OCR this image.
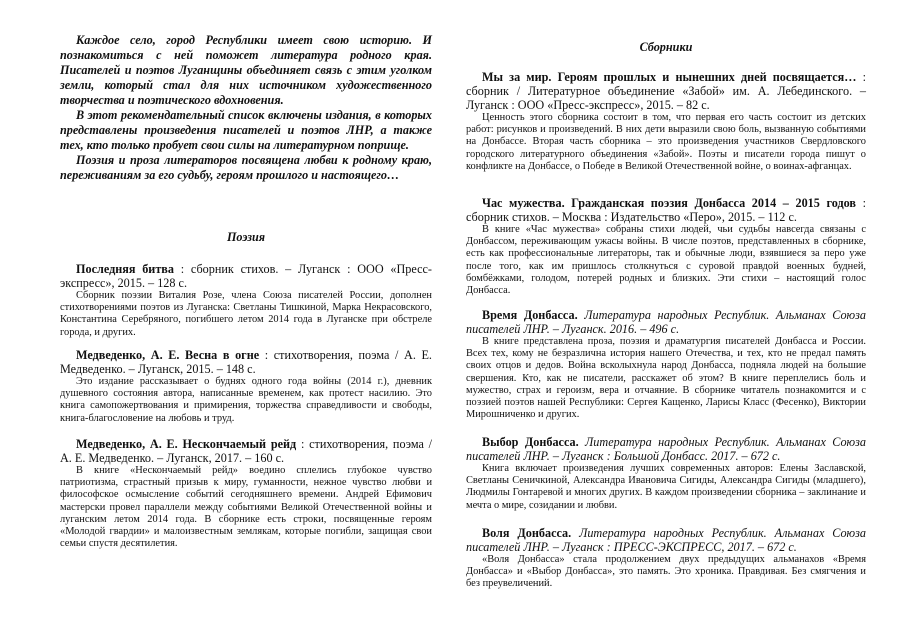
Каждое село, город Республики имеет свою историю. И познакомиться с ней поможет литература родного края. Писателей и поэтов Луганщины объединяет связь с этим уголком земли, который стал для них источником художественного творчества и поэтического вдохновения.

В этот рекомендательный список включены издания, в которых представлены произведения писателей и поэтов ЛНР, а также тех, кто только пробует свои силы на литературном поприще.

Поэзия и проза литераторов посвящена любви к родному краю, переживаниям за его судьбу, героям прошлого и настоящего…

Поэзия

Последняя битва : сборник стихов. – Луганск : ООО «Пресс-экспресс», 2015. – 128 с.

Сборник поэзии Виталия Розе, члена Союза писателей России, дополнен стихотворениями поэтов из Луганска: Светланы Тишкиной, Марка Некрасовского, Константина Серебряного, погибшего летом 2014 года в Луганске при обстреле города, и других.

Медведенко, А. Е. Весна в огне : стихотворения, поэма / А. Е. Медведенко. – Луганск, 2015. – 148 с.

Это издание рассказывает о буднях одного года войны (2014 г.), дневник душевного состояния автора, написанные временем, как протест насилию. Это книга самопожертвования и примирения, торжества справедливости и свободы, книга-благословение на любовь и труд.

Медведенко, А. Е. Нескончаемый рейд : стихотворения, поэма / А. Е. Медведенко. – Луганск, 2017. – 160 с.

В книге «Нескончаемый рейд» воедино сплелись глубокое чувство патриотизма, страстный призыв к миру, гуманности, нежное чувство любви и философское осмысление событий сегодняшнего времени. Андрей Ефимович мастерски провел параллели между событиями Великой Отечественной войны и луганским летом 2014 года. В сборнике есть строки, посвященные героям «Молодой гвардии» и малоизвестным землякам, которые погибли, защищая свои семьи спустя десятилетия.

Сборники

Мы за мир. Героям прошлых и нынешних дней посвящается… : сборник / Литературное объединение «Забой» им. А. Лебединского. – Луганск : ООО «Пресс-экспресс», 2015. – 82 с.

Ценность этого сборника состоит в том, что первая его часть состоит из детских работ: рисунков и произведений. В них дети выразили свою боль, вызванную событиями на Донбассе. Вторая часть сборника – это произведения участников Свердловского городского литературного объединения «Забой». Поэты и писатели города пишут о конфликте на Донбассе, о Победе в Великой Отечественной войне, о воинах-афганцах.

Час мужества. Гражданская поэзия Донбасса 2014 – 2015 годов : сборник стихов. – Москва : Издательство «Перо», 2015. – 112 с.

В книге «Час мужества» собраны стихи людей, чьи судьбы навсегда связаны с Донбассом, переживающим ужасы войны. В числе поэтов, представленных в сборнике, есть как профессиональные литераторы, так и обычные люди, взявшиеся за перо уже после того, как им пришлось столкнуться с суровой правдой военных будней, бомбёжками, голодом, потерей родных и близких. Эти стихи – настоящий голос Донбасса.

Время Донбасса. Литература народных Республик. Альманах Союза писателей ЛНР. – Луганск. 2016. – 496 с.

В книге представлена проза, поэзия и драматургия писателей Донбасса и России. Всех тех, кому не безразлична история нашего Отечества, и тех, кто не предал память своих отцов и дедов. Война всколыхнула народ Донбасса, подняла людей на большие свершения. Кто, как не писатели, расскажет об этом? В книге переплелись боль и мужество, страх и героизм, вера и отчаяние. В сборнике читатель познакомится и с поэзией поэтов нашей Республики: Сергея Кащенко, Ларисы Класс (Фесенко), Виктории Мирошниченко и других.

Выбор Донбасса. Литература народных Республик. Альманах Союза писателей ЛНР. – Луганск : Большой Донбасс. 2017. – 672 с.

Книга включает произведения лучших современных авторов: Елены Заславской, Светланы Сеничкиной, Александра Ивановича Сигиды, Александра Сигиды (младшего), Людмилы Гонтаревой и многих других. В каждом произведении сборника – заклинание и мечта о мире, созидании и любви.

Воля Донбасса. Литература народных Республик. Альманах Союза писателей ЛНР. – Луганск : ПРЕСС-ЭКСПРЕСС, 2017. – 672 с.

«Воля Донбасса» стала продолжением двух предыдущих альманахов «Время Донбасса» и «Выбор Донбасса», это память. Это хроника. Правдивая. Без смягчения и без преувеличений.
